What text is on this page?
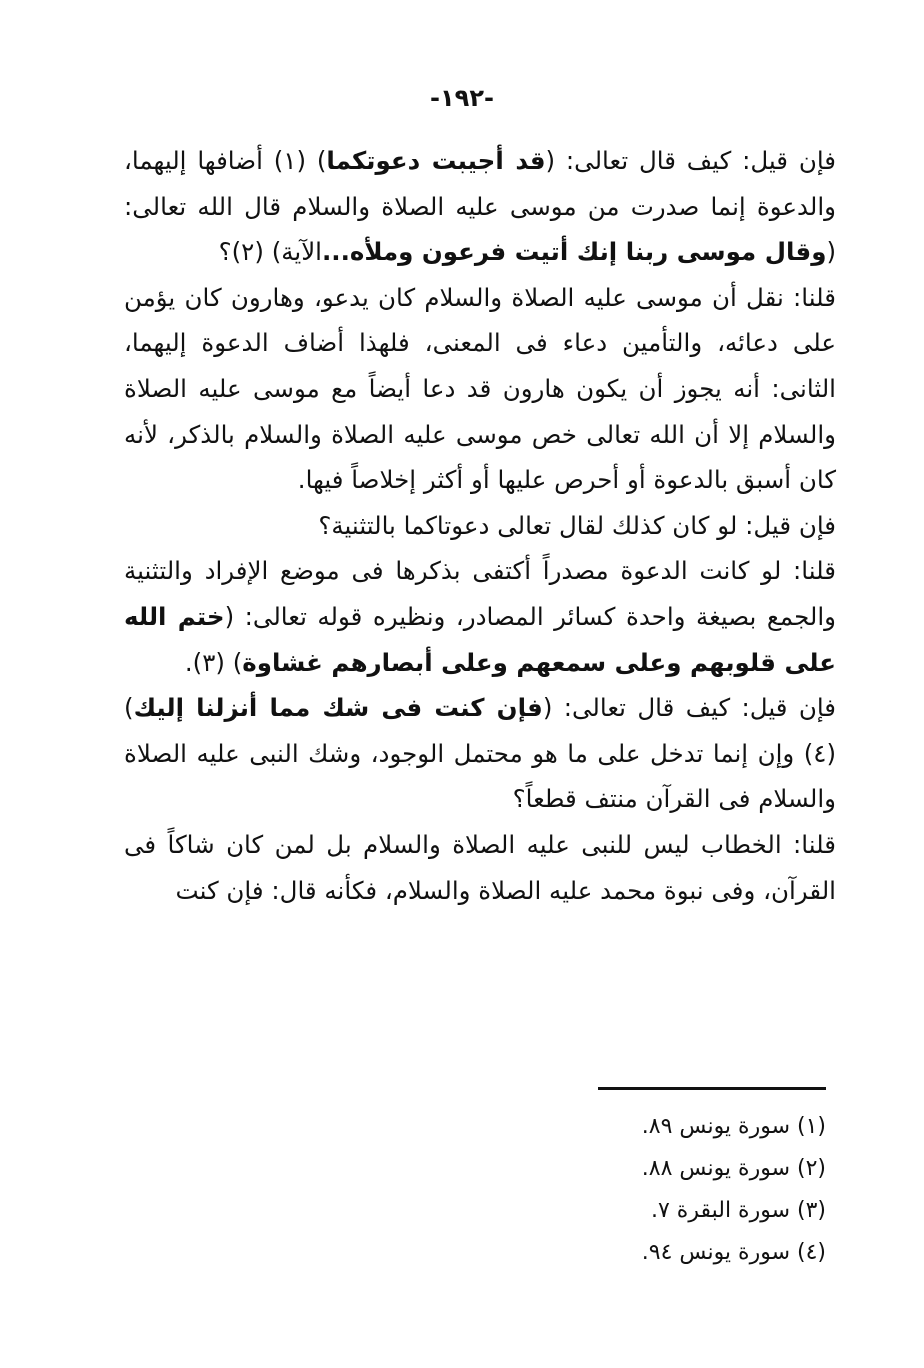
-١٩٢-

فإن قيل: كيف قال تعالى: (قد أجيبت دعوتكما) (١) أضافها إليهما، والدعوة إنما صدرت من موسى عليه الصلاة والسلام قال الله تعالى: (وقال موسى ربنا إنك أتيت فرعون وملأه...الآية) (٢)؟

قلنا: نقل أن موسى عليه الصلاة والسلام كان يدعو، وهارون كان يؤمن على دعائه، والتأمين دعاء فى المعنى، فلهذا أضاف الدعوة إليهما، الثانى: أنه يجوز أن يكون هارون قد دعا أيضاً مع موسى عليه الصلاة والسلام إلا أن الله تعالى خص موسى عليه الصلاة والسلام بالذكر، لأنه كان أسبق بالدعوة أو أحرص عليها أو أكثر إخلاصاً فيها.

فإن قيل: لو كان كذلك لقال تعالى دعوتاكما بالتثنية؟

قلنا: لو كانت الدعوة مصدراً أكتفى بذكرها فى موضع الإفراد والتثنية والجمع بصيغة واحدة كسائر المصادر، ونظيره قوله تعالى: (ختم الله على قلوبهم وعلى سمعهم وعلى أبصارهم غشاوة) (٣).

فإن قيل: كيف قال تعالى: (فإن كنت فى شك مما أنزلنا إليك) (٤) وإن إنما تدخل على ما هو محتمل الوجود، وشك النبى عليه الصلاة والسلام فى القرآن منتف قطعاً؟

قلنا: الخطاب ليس للنبى عليه الصلاة والسلام بل لمن كان شاكاً فى القرآن، وفى نبوة محمد عليه الصلاة والسلام، فكأنه قال: فإن كنت

(١) سورة يونس ٨٩.
(٢) سورة يونس ٨٨.
(٣) سورة البقرة ٧.
(٤) سورة يونس ٩٤.
